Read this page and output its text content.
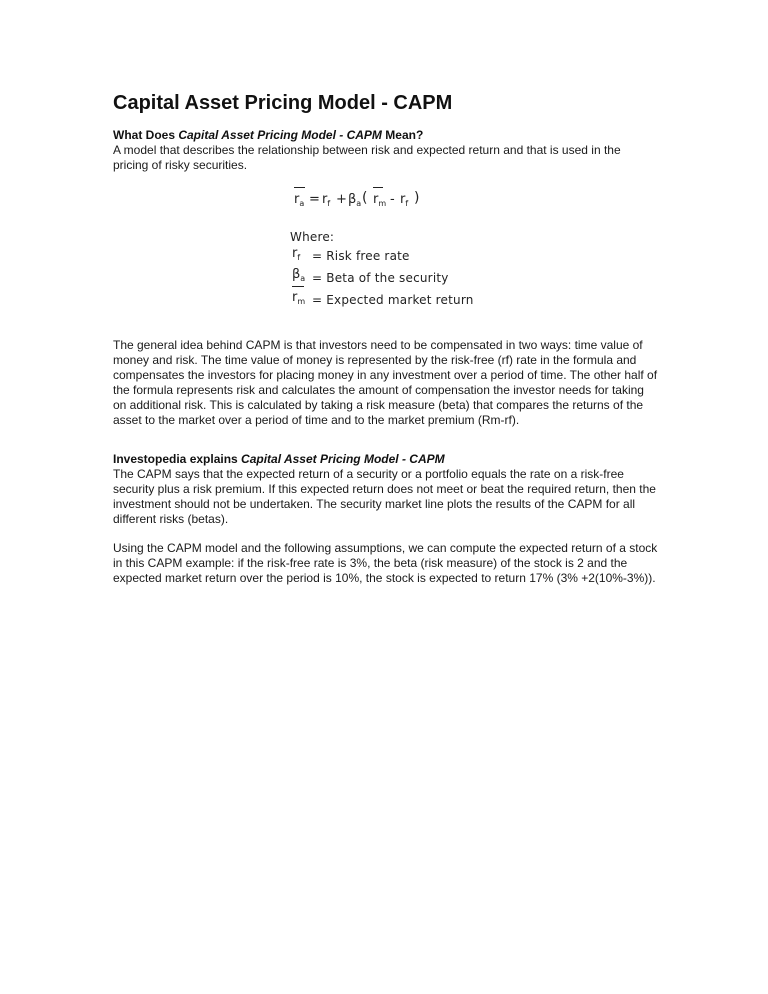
Capital Asset Pricing Model - CAPM

What Does Capital Asset Pricing Model - CAPM Mean?

A model that describes the relationship between risk and expected return and that is used in the pricing of risky securities.

$r_a = r_f + \beta_a$ ( $r_m - r_f$ )
Where:
$r_f$ = Risk free rate
$\beta_a$ = Beta of the security
$r_m$ = Expected market return

The general idea behind CAPM is that investors need to be compensated in two ways: time value of money and risk. The time value of money is represented by the risk-free (rf) rate in the formula and compensates the investors for placing money in any investment over a period of time. The other half of the formula represents risk and calculates the amount of compensation the investor needs for taking on additional risk. This is calculated by taking a risk measure (beta) that compares the returns of the asset to the market over a period of time and to the market premium (Rm-rf).

Investopedia explains Capital Asset Pricing Model - CAPM

The CAPM says that the expected return of a security or a portfolio equals the rate on a risk-free security plus a risk premium. If this expected return does not meet or beat the required return, then the investment should not be undertaken. The security market line plots the results of the CAPM for all different risks (betas).

Using the CAPM model and the following assumptions, we can compute the expected return of a stock in this CAPM example: if the risk-free rate is 3%, the beta (risk measure) of the stock is 2 and the expected market return over the period is 10%, the stock is expected to return 17% (3% +2(10%-3%)).
